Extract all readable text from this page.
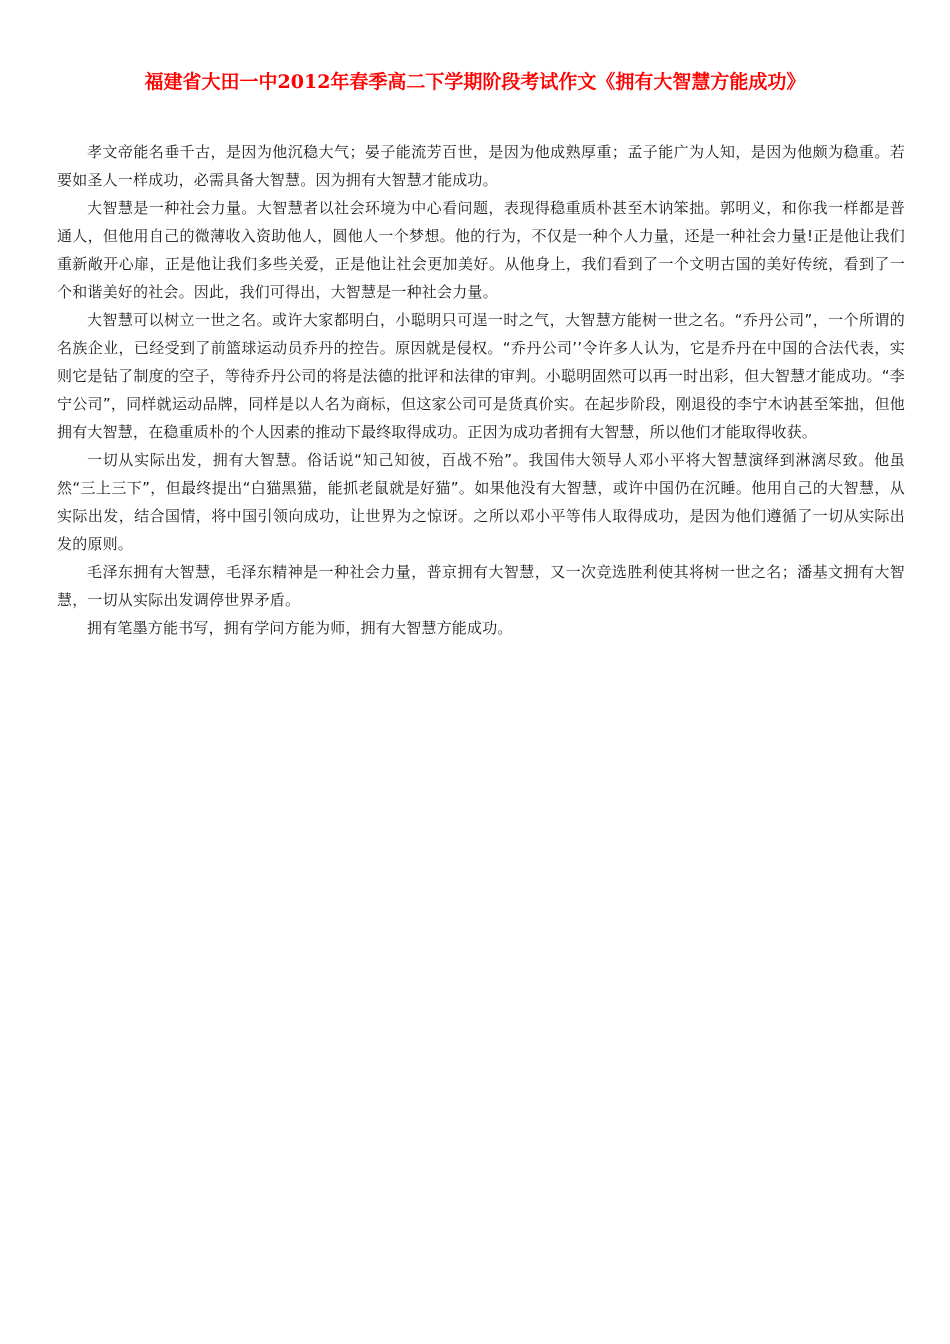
福建省大田一中2012年春季高二下学期阶段考试作文《拥有大智慧方能成功》

孝文帝能名垂千古，是因为他沉稳大气；晏子能流芳百世，是因为他成熟厚重；孟子能广为人知，是因为他颇为稳重。若要如圣人一样成功，必需具备大智慧。因为拥有大智慧才能成功。

大智慧是一种社会力量。大智慧者以社会环境为中心看问题，表现得稳重质朴甚至木讷笨拙。郭明义，和你我一样都是普通人，但他用自己的微薄收入资助他人，圆他人一个梦想。他的行为，不仅是一种个人力量，还是一种社会力量!正是他让我们重新敞开心扉，正是他让我们多些关爱，正是他让社会更加美好。从他身上，我们看到了一个文明古国的美好传统，看到了一个和谐美好的社会。因此，我们可得出，大智慧是一种社会力量。

大智慧可以树立一世之名。或许大家都明白，小聪明只可逞一时之气，大智慧方能树一世之名。“乔丹公司”，一个所谓的名族企业，已经受到了前篮球运动员乔丹的控告。原因就是侵权。“乔丹公司’’令许多人认为，它是乔丹在中国的合法代表，实则它是钻了制度的空子，等待乔丹公司的将是法德的批评和法律的审判。小聪明固然可以再一时出彩，但大智慧才能成功。“李宁公司”，同样就运动品牌，同样是以人名为商标，但这家公司可是货真价实。在起步阶段，刚退役的李宁木讷甚至笨拙，但他拥有大智慧，在稳重质朴的个人因素的推动下最终取得成功。正因为成功者拥有大智慧，所以他们才能取得收获。

一切从实际出发，拥有大智慧。俗话说“知己知彼，百战不殆”。我国伟大领导人邓小平将大智慧演绎到淋漓尽致。他虽然“三上三下”，但最终提出“白猫黑猫，能抓老鼠就是好猫”。如果他没有大智慧，或许中国仍在沉睡。他用自己的大智慧，从实际出发，结合国情，将中国引领向成功，让世界为之惊讶。之所以邓小平等伟人取得成功，是因为他们遵循了一切从实际出发的原则。

毛泽东拥有大智慧，毛泽东精神是一种社会力量，普京拥有大智慧，又一次竞选胜利使其将树一世之名；潘基文拥有大智慧，一切从实际出发调停世界矛盾。

拥有笔墨方能书写，拥有学问方能为师，拥有大智慧方能成功。
